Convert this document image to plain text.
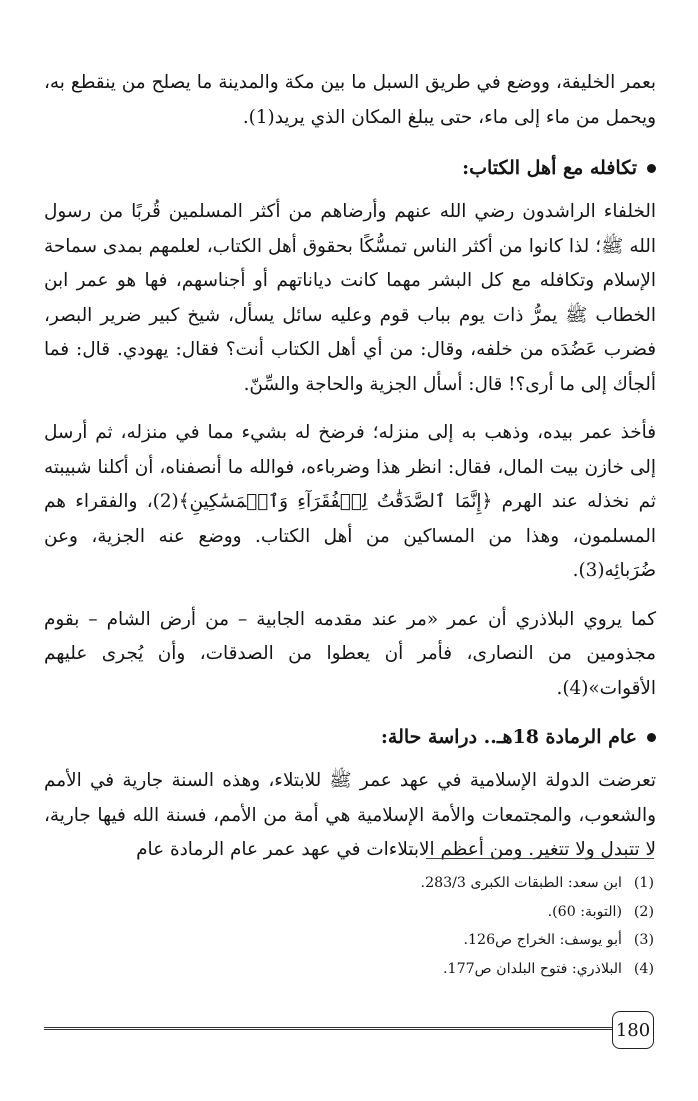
بعمر الخليفة، ووضع في طريق السبل ما بين مكة والمدينة ما يصلح من ينقطع به، ويحمل من ماء إلى ماء، حتى يبلغ المكان الذي يريد(1).

تكافله مع أهل الكتاب:

الخلفاء الراشدون رضي الله عنهم وأرضاهم من أكثر المسلمين قُربًا من رسول الله ﷺ؛ لذا كانوا من أكثر الناس تمسُّكًا بحقوق أهل الكتاب، لعلمهم بمدى سماحة الإسلام وتكافله مع كل البشر مهما كانت دياناتهم أو أجناسهم، فها هو عمر ابن الخطاب ﷺ يمرُّ ذات يوم بباب قوم وعليه سائل يسأل، شيخ كبير ضرير البصر، فضرب عَضُدَه من خلفه، وقال: من أي أهل الكتاب أنت؟ فقال: يهودي. قال: فما ألجأك إلى ما أرى؟! قال: أسأل الجزية والحاجة والسِّنّ.

فأخذ عمر بيده، وذهب به إلى منزله؛ فرضخ له بشيء مما في منزله، ثم أرسل إلى خازن بيت المال، فقال: انظر هذا وضرباءه، فوالله ما أنصفناه، أن أكلنا شبيبته ثم نخذله عند الهرم ﴿إِنَّمَا ٱلصَّدَقَٰتُ لِلۡفُقَرَآءِ وَٱلۡمَسَٰكِينِ﴾(2)، والفقراء هم المسلمون، وهذا من المساكين من أهل الكتاب. ووضع عنه الجزية، وعن ضُرَبائِه(3).

كما يروي البلاذري أن عمر «مر عند مقدمه الجابية – من أرض الشام – بقوم مجذومين من النصارى، فأمر أن يعطوا من الصدقات، وأن يُجرى عليهم الأقوات»(4).

عام الرمادة 18هـ.. دراسة حالة:

تعرضت الدولة الإسلامية في عهد عمر ﷺ للابتلاء، وهذه السنة جارية في الأمم والشعوب، والمجتمعات والأمة الإسلامية هي أمة من الأمم، فسنة الله فيها جارية، لا تتبدل ولا تتغير. ومن أعظم الابتلاءات في عهد عمر عام الرمادة عام

(1)
ابن سعد: الطبقات الكبرى 283/3.
(2)
(التوبة: 60).
(3)
أبو يوسف: الخراج ص126.
(4)
البلاذري: فتوح البلدان ص177.
180
